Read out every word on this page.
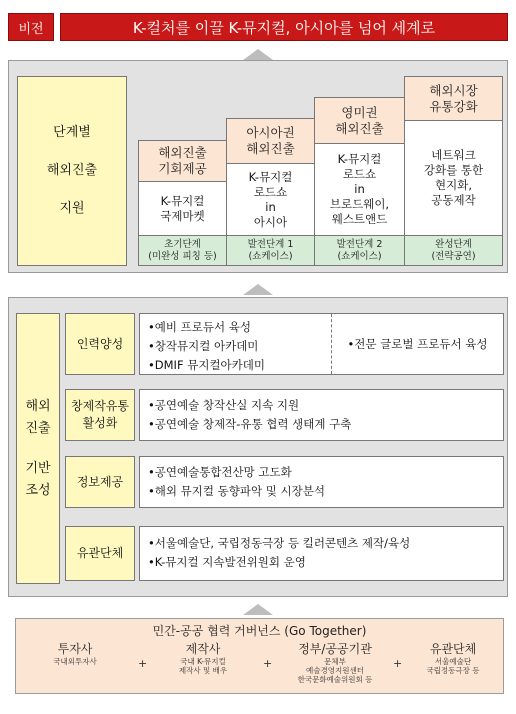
비전	K-컬처를 이끌 K-뮤지컬, 아시아를 넘어 세계로
단계별
해외진출
지원
해외진출
기회제공
K-뮤지컬
국제마켓
초기단계
(미완성 피칭 등)
아시아권
해외진출
K-뮤지컬
로드쇼
in
아시아
발전단계 1
(쇼케이스)
영미권
해외진출
K-뮤지컬
로드쇼
in
브로드웨이,
웨스트앤드
발전단계 2
(쇼케이스)
해외시장
유통강화
네트워크
강화를 통한
현지화,
공동제작
완성단계
(전략공연)
해외
진출
기반
조성
인력양성
•예비 프로듀서 육성
•창작뮤지컬 아카데미
•DMIF 뮤지컬아카데미
•전문 글로벌 프로듀서 육성
창제작유통
활성화
•공연예술 창작산실 지속 지원
•공연예술 창제작-유통 협력 생태계 구축
정보제공
•공연예술통합전산망 고도화
•해외 뮤지컬 동향파악 및 시장분석
유관단체
•서울예술단, 국립정동극장 등 킬러콘텐츠 제작/육성
•K-뮤지컬 지속발전위원회 운영
민간-공공 협력 거버넌스 (Go Together)
투자사
국내외투자사	+
제작사
국내 K-뮤지컬
제작사 및 배우
+
정부/공공기관
문체부
예술경영지원센터
한국문화예술위원회 등
+
유관단체
서울예술단
국립정동극장 등
